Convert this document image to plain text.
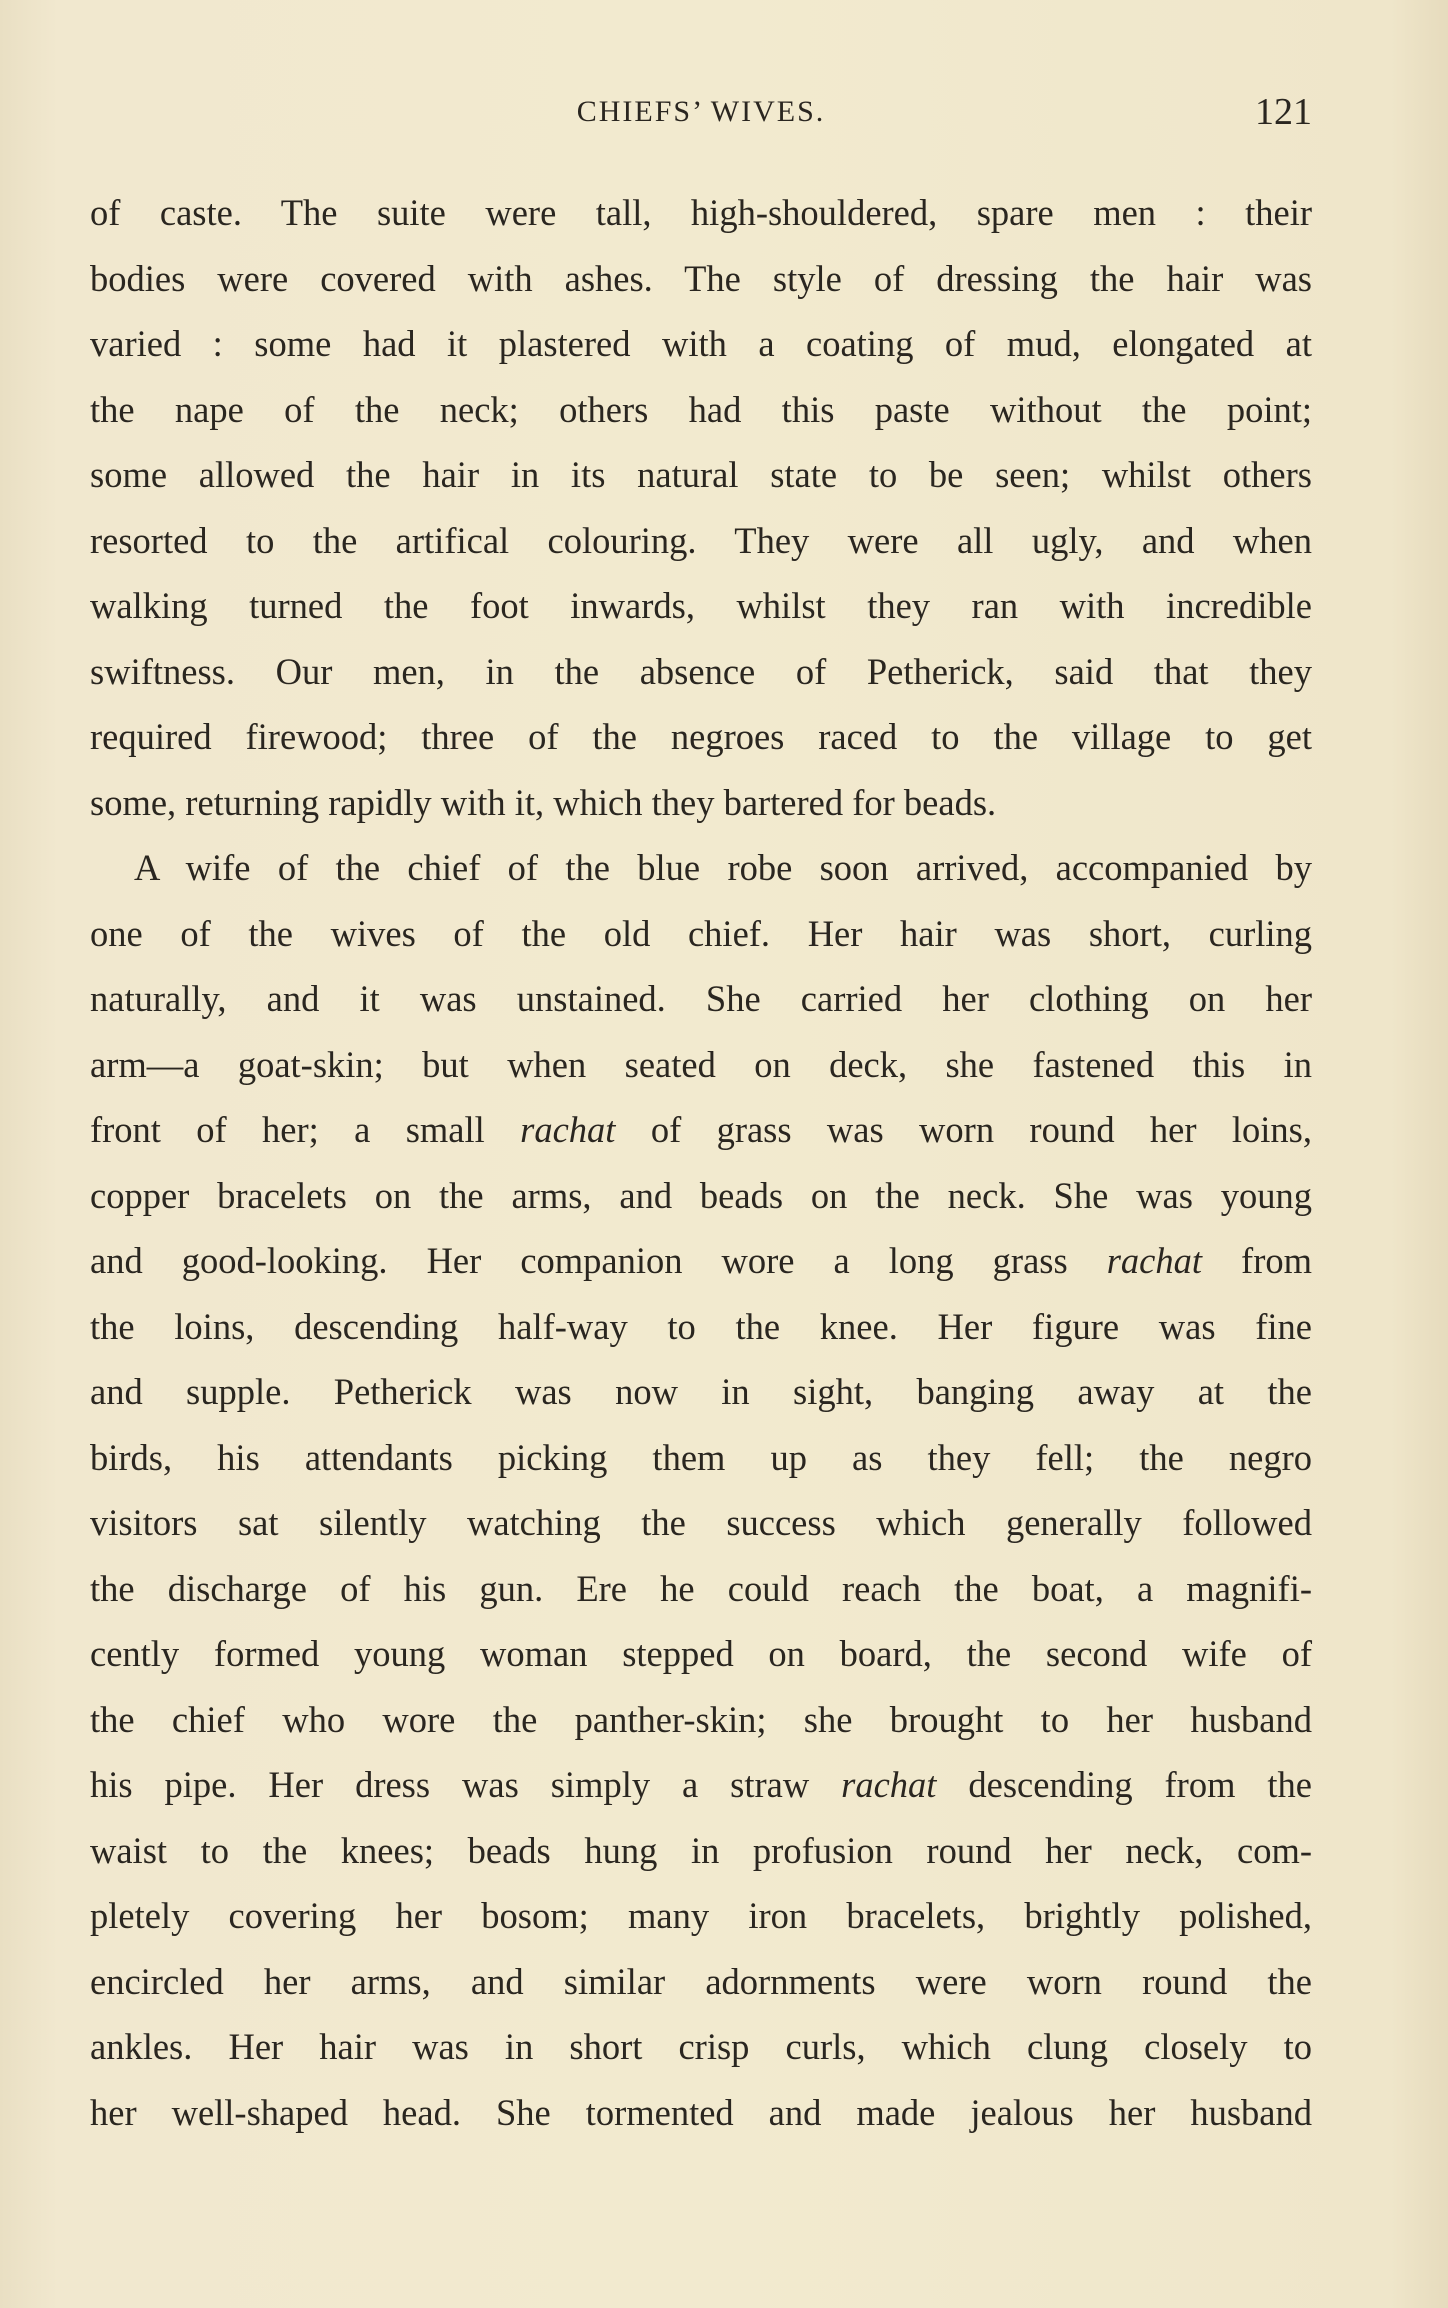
CHIEFS’ WIVES.	121

of caste. The suite were tall, high-shouldered, spare men : their
bodies were covered with ashes. The style of dressing the hair was
varied : some had it plastered with a coating of mud, elongated at
the nape of the neck; others had this paste without the point;
some allowed the hair in its natural state to be seen; whilst others
resorted to the artifical colouring. They were all ugly, and when
walking turned the foot inwards, whilst they ran with incredible
swiftness. Our men, in the absence of Petherick, said that they
required firewood; three of the negroes raced to the village to get
some, returning rapidly with it, which they bartered for beads.

A wife of the chief of the blue robe soon arrived, accompanied by
one of the wives of the old chief. Her hair was short, curling
naturally, and it was unstained. She carried her clothing on her
arm—a goat-skin; but when seated on deck, she fastened this in
front of her; a small rachat of grass was worn round her loins,
copper bracelets on the arms, and beads on the neck. She was young
and good-looking. Her companion wore a long grass rachat from
the loins, descending half-way to the knee. Her figure was fine
and supple. Petherick was now in sight, banging away at the
birds, his attendants picking them up as they fell; the negro
visitors sat silently watching the success which generally followed
the discharge of his gun. Ere he could reach the boat, a magnifi-
cently formed young woman stepped on board, the second wife of
the chief who wore the panther-skin; she brought to her husband
his pipe. Her dress was simply a straw rachat descending from the
waist to the knees; beads hung in profusion round her neck, com-
pletely covering her bosom; many iron bracelets, brightly polished,
encircled her arms, and similar adornments were worn round the
ankles. Her hair was in short crisp curls, which clung closely to
her well-shaped head. She tormented and made jealous her husband
